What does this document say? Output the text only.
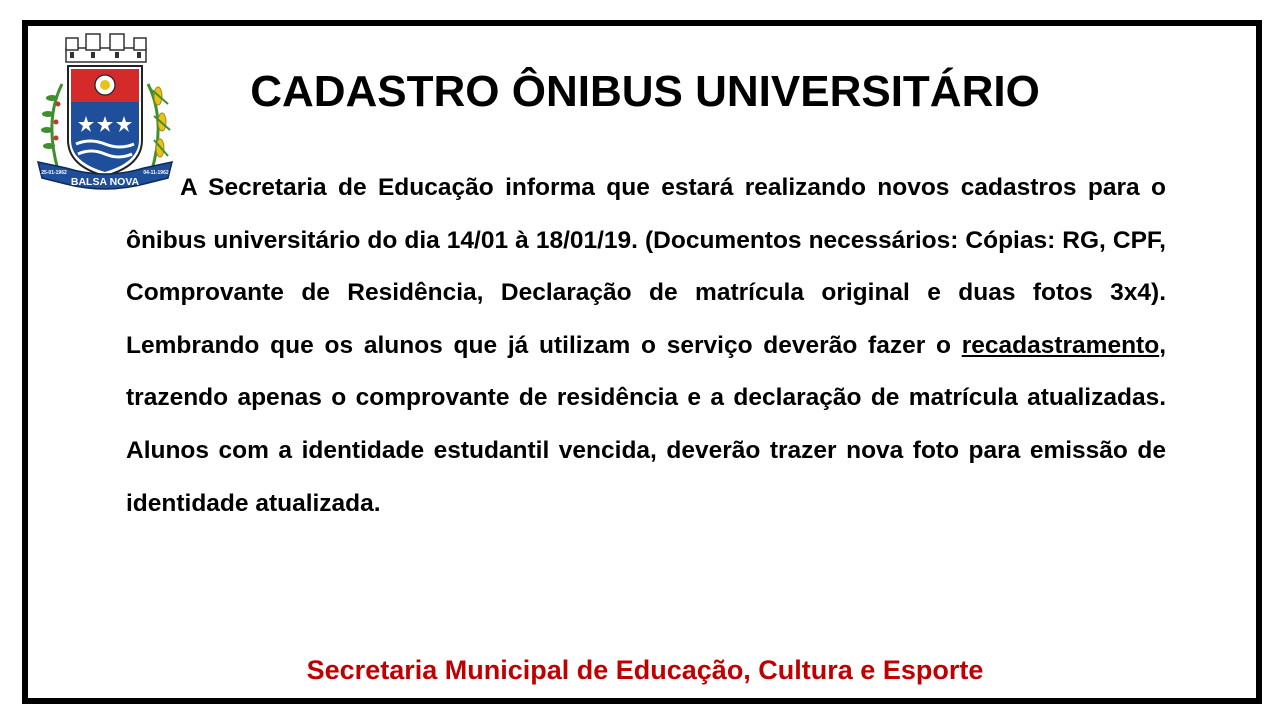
BALSA NOVA
25-01-1962	04-11-1962
CADASTRO ÔNIBUS UNIVERSITÁRIO

A Secretaria de Educação informa que estará realizando novos cadastros para o ônibus universitário do dia 14/01 à 18/01/19. (Documentos necessários: Cópias: RG, CPF, Comprovante de Residência, Declaração de matrícula original e duas fotos 3x4). Lembrando que os alunos que já utilizam o serviço deverão fazer o recadastramento, trazendo apenas o comprovante de residência e a declaração de matrícula atualizadas. Alunos com a identidade estudantil vencida, deverão trazer nova foto para emissão de identidade atualizada.

Secretaria Municipal de Educação, Cultura e Esporte
